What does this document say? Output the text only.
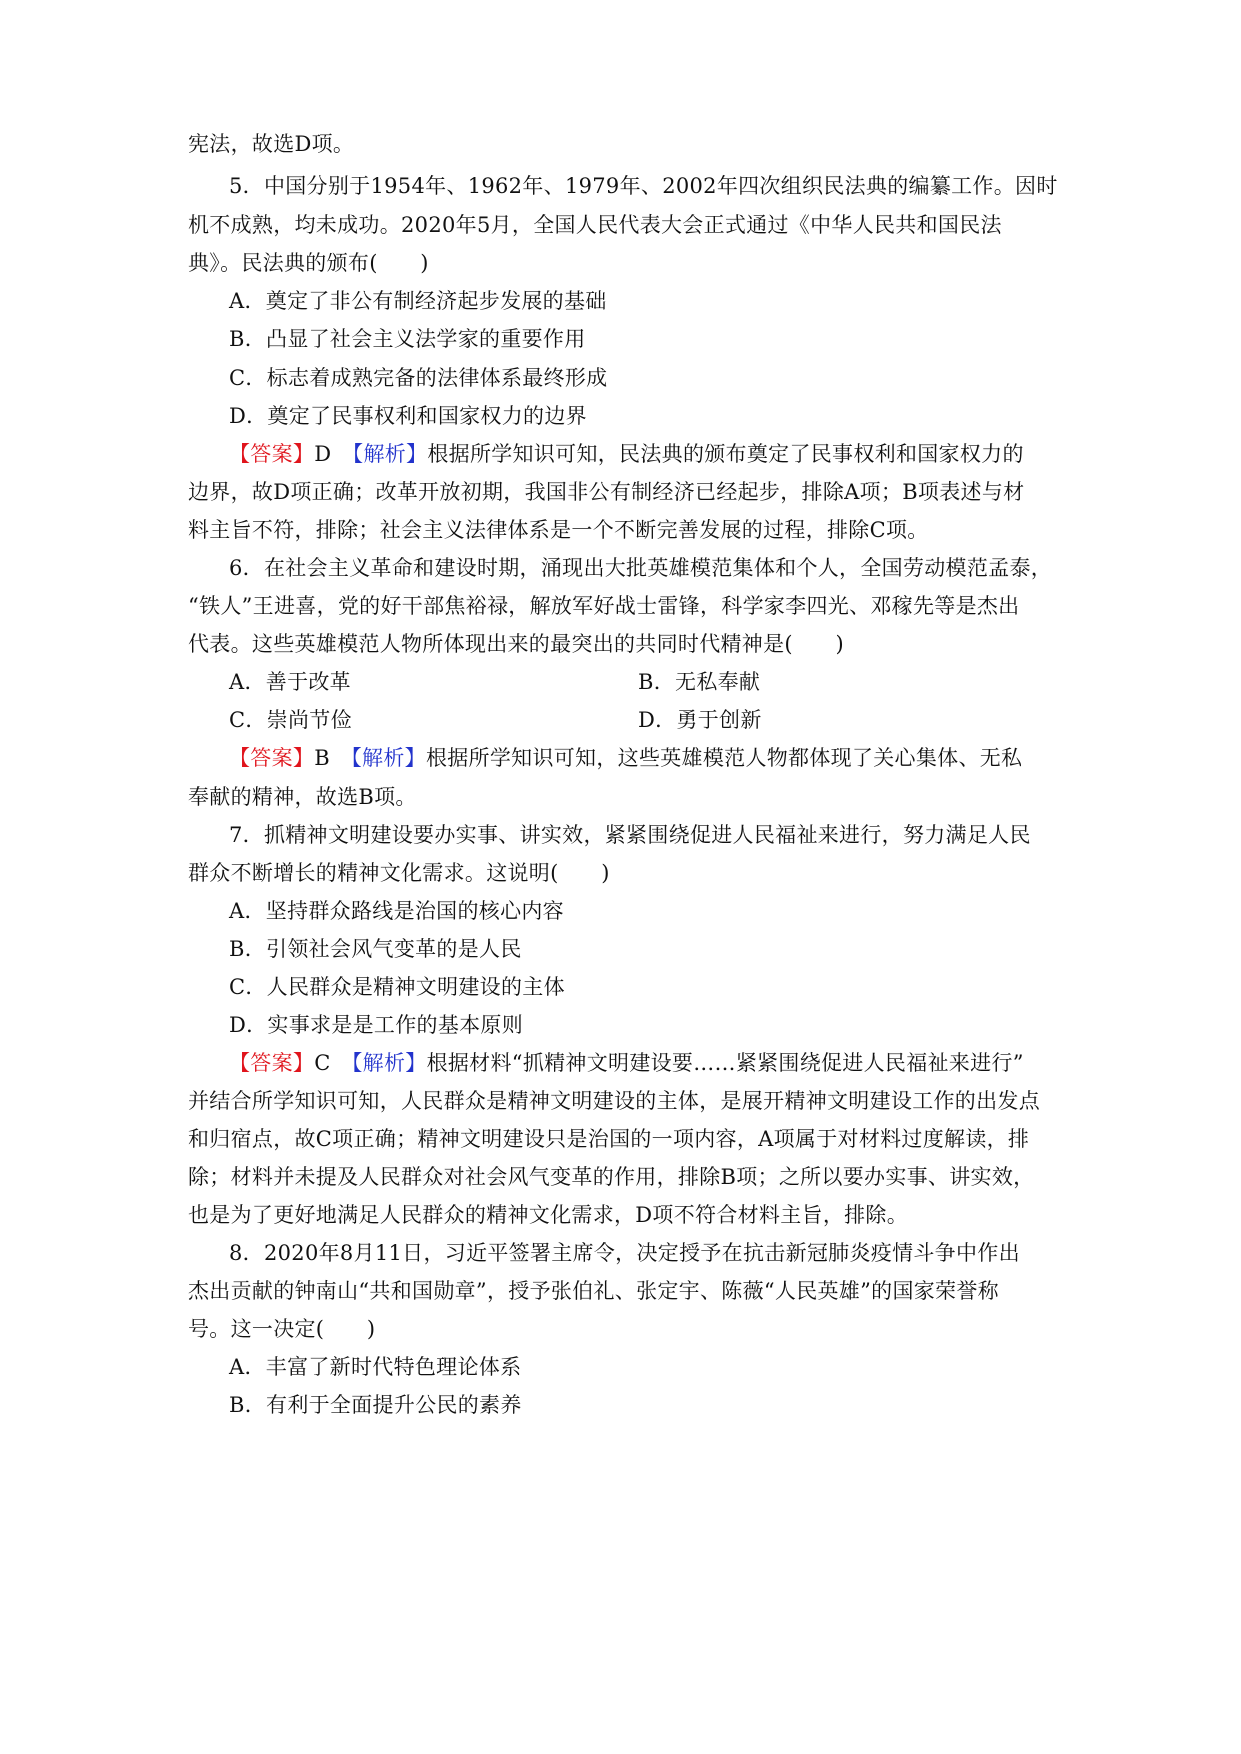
宪法，故选D项。
5．中国分别于1954年、1962年、1979年、2002年四次组织民法典的编纂工作。因时
机不成熟，均未成功。2020年5月，全国人民代表大会正式通过《中华人民共和国民法
典》。民法典的颁布(　　)
A．奠定了非公有制经济起步发展的基础
B．凸显了社会主义法学家的重要作用
C．标志着成熟完备的法律体系最终形成
D．奠定了民事权利和国家权力的边界
【答案】D　【解析】根据所学知识可知，民法典的颁布奠定了民事权利和国家权力的
边界，故D项正确；改革开放初期，我国非公有制经济已经起步，排除A项；B项表述与材
料主旨不符，排除；社会主义法律体系是一个不断完善发展的过程，排除C项。
6．在社会主义革命和建设时期，涌现出大批英雄模范集体和个人，全国劳动模范孟泰，
“铁人”王进喜，党的好干部焦裕禄，解放军好战士雷锋，科学家李四光、邓稼先等是杰出
代表。这些英雄模范人物所体现出来的最突出的共同时代精神是(　　)
A．善于改革	B．无私奉献
C．崇尚节俭	D．勇于创新
【答案】B　【解析】根据所学知识可知，这些英雄模范人物都体现了关心集体、无私
奉献的精神，故选B项。
7．抓精神文明建设要办实事、讲实效，紧紧围绕促进人民福祉来进行，努力满足人民
群众不断增长的精神文化需求。这说明(　　)
A．坚持群众路线是治国的核心内容
B．引领社会风气变革的是人民
C．人民群众是精神文明建设的主体
D．实事求是是工作的基本原则
【答案】C　【解析】根据材料“抓精神文明建设要……紧紧围绕促进人民福祉来进行”
并结合所学知识可知，人民群众是精神文明建设的主体，是展开精神文明建设工作的出发点
和归宿点，故C项正确；精神文明建设只是治国的一项内容，A项属于对材料过度解读，排
除；材料并未提及人民群众对社会风气变革的作用，排除B项；之所以要办实事、讲实效，
也是为了更好地满足人民群众的精神文化需求，D项不符合材料主旨，排除。
8．2020年8月11日，习近平签署主席令，决定授予在抗击新冠肺炎疫情斗争中作出
杰出贡献的钟南山“共和国勋章”，授予张伯礼、张定宇、陈薇“人民英雄”的国家荣誉称
号。这一决定(　　)
A．丰富了新时代特色理论体系
B．有利于全面提升公民的素养
